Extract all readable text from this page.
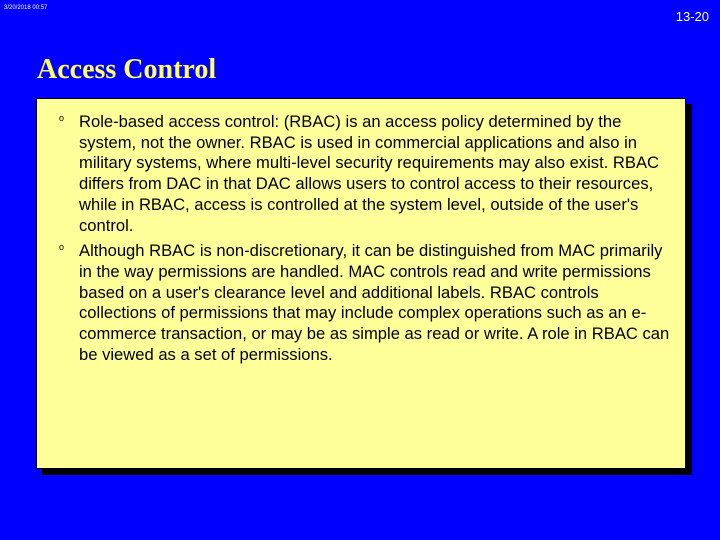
3/20/2018 00:57
13-20
Access Control
o Role-based access control: (RBAC) is an access policy determined by the system, not the owner. RBAC is used in commercial applications and also in military systems, where multi-level security requirements may also exist. RBAC differs from DAC in that DAC allows users to control access to their resources, while in RBAC, access is controlled at the system level, outside of the user's control.
o Although RBAC is non-discretionary, it can be distinguished from MAC primarily in the way permissions are handled. MAC controls read and write permissions based on a user's clearance level and additional labels. RBAC controls collections of permissions that may include complex operations such as an e-commerce transaction, or may be as simple as read or write. A role in RBAC can be viewed as a set of permissions.
